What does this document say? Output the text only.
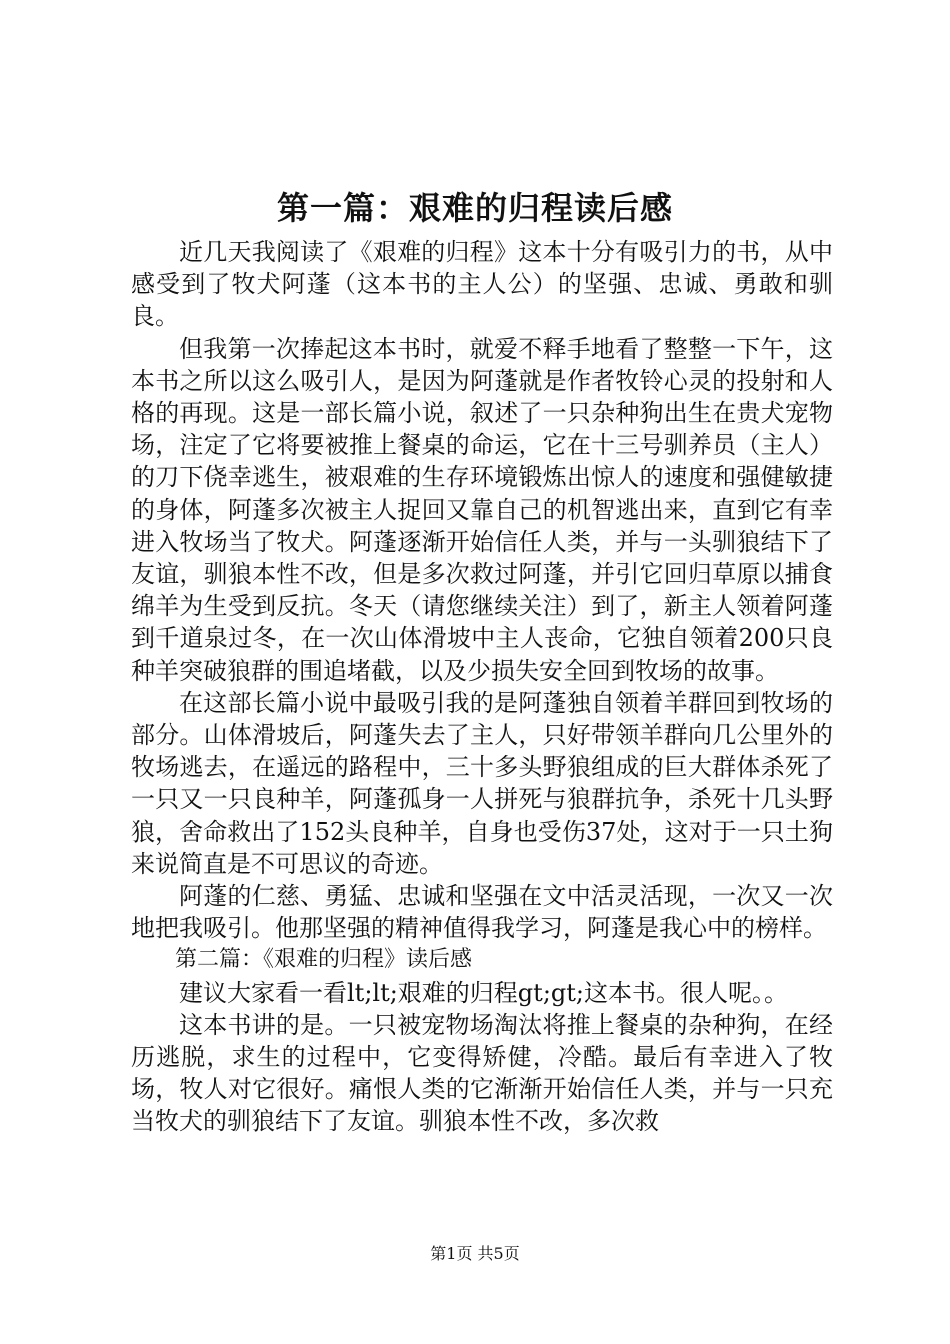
第一篇：艰难的归程读后感

近几天我阅读了《艰难的归程》这本十分有吸引力的书，从中感受到了牧犬阿蓬（这本书的主人公）的坚强、忠诚、勇敢和驯良。

但我第一次捧起这本书时，就爱不释手地看了整整一下午，这本书之所以这么吸引人，是因为阿蓬就是作者牧铃心灵的投射和人格的再现。这是一部长篇小说，叙述了一只杂种狗出生在贵犬宠物场，注定了它将要被推上餐桌的命运，它在十三号驯养员（主人）的刀下侥幸逃生，被艰难的生存环境锻炼出惊人的速度和强健敏捷的身体，阿蓬多次被主人捉回又靠自己的机智逃出来，直到它有幸进入牧场当了牧犬。阿蓬逐渐开始信任人类，并与一头驯狼结下了友谊，驯狼本性不改，但是多次救过阿蓬，并引它回归草原以捕食绵羊为生受到反抗。冬天（请您继续关注）到了，新主人领着阿蓬到千道泉过冬，在一次山体滑坡中主人丧命，它独自领着200只良种羊突破狼群的围追堵截，以及少损失安全回到牧场的故事。

在这部长篇小说中最吸引我的是阿蓬独自领着羊群回到牧场的部分。山体滑坡后，阿蓬失去了主人，只好带领羊群向几公里外的牧场逃去，在遥远的路程中，三十多头野狼组成的巨大群体杀死了一只又一只良种羊，阿蓬孤身一人拼死与狼群抗争，杀死十几头野狼，舍命救出了152头良种羊，自身也受伤37处，这对于一只土狗来说简直是不可思议的奇迹。

阿蓬的仁慈、勇猛、忠诚和坚强在文中活灵活现，一次又一次地把我吸引。他那坚强的精神值得我学习，阿蓬是我心中的榜样。

第二篇：《艰难的归程》读后感

建议大家看一看lt;lt;艰难的归程gt;gt;这本书。很人呢。。

这本书讲的是。一只被宠物场淘汰将推上餐桌的杂种狗，在经历逃脱，求生的过程中，它变得矫健，冷酷。最后有幸进入了牧场，牧人对它很好。痛恨人类的它渐渐开始信任人类，并与一只充当牧犬的驯狼结下了友谊。驯狼本性不改，多次救

第1页 共5页
